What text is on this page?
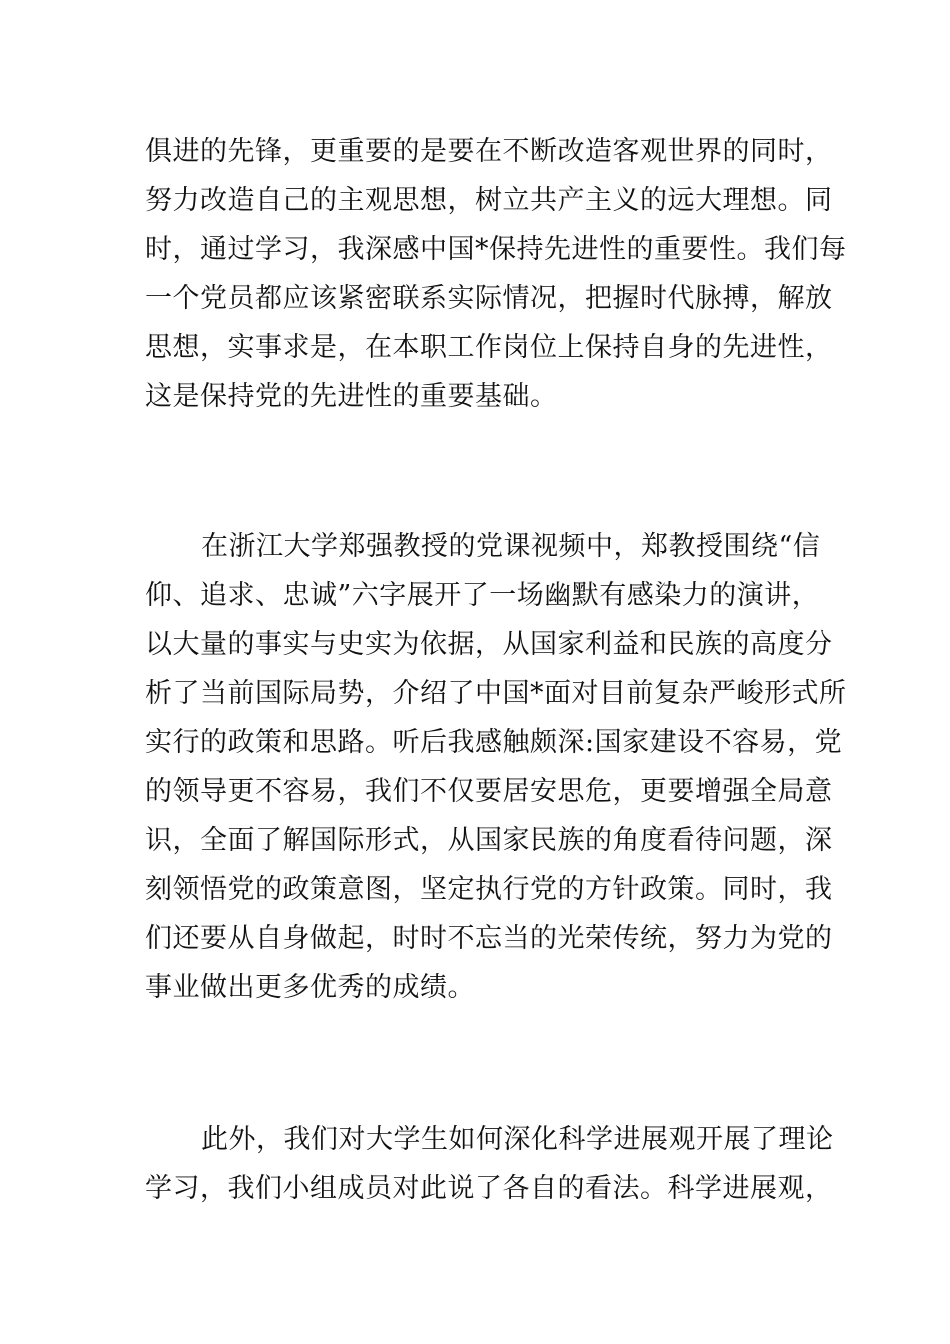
俱进的先锋，更重要的是要在不断改造客观世界的同时，
努力改造自己的主观思想，树立共产主义的远大理想。同
时，通过学习，我深感中国*保持先进性的重要性。我们每
一个党员都应该紧密联系实际情况，把握时代脉搏，解放
思想，实事求是，在本职工作岗位上保持自身的先进性，
这是保持党的先进性的重要基础。
在浙江大学郑强教授的党课视频中，郑教授围绕“信
仰、追求、忠诚”六字展开了一场幽默有感染力的演讲，
以大量的事实与史实为依据，从国家利益和民族的高度分
析了当前国际局势，介绍了中国*面对目前复杂严峻形式所
实行的政策和思路。听后我感触颇深:国家建设不容易，党
的领导更不容易，我们不仅要居安思危，更要增强全局意
识，全面了解国际形式，从国家民族的角度看待问题，深
刻领悟党的政策意图，坚定执行党的方针政策。同时，我
们还要从自身做起，时时不忘当的光荣传统，努力为党的
事业做出更多优秀的成绩。
此外，我们对大学生如何深化科学进展观开展了理论
学习，我们小组成员对此说了各自的看法。科学进展观，
